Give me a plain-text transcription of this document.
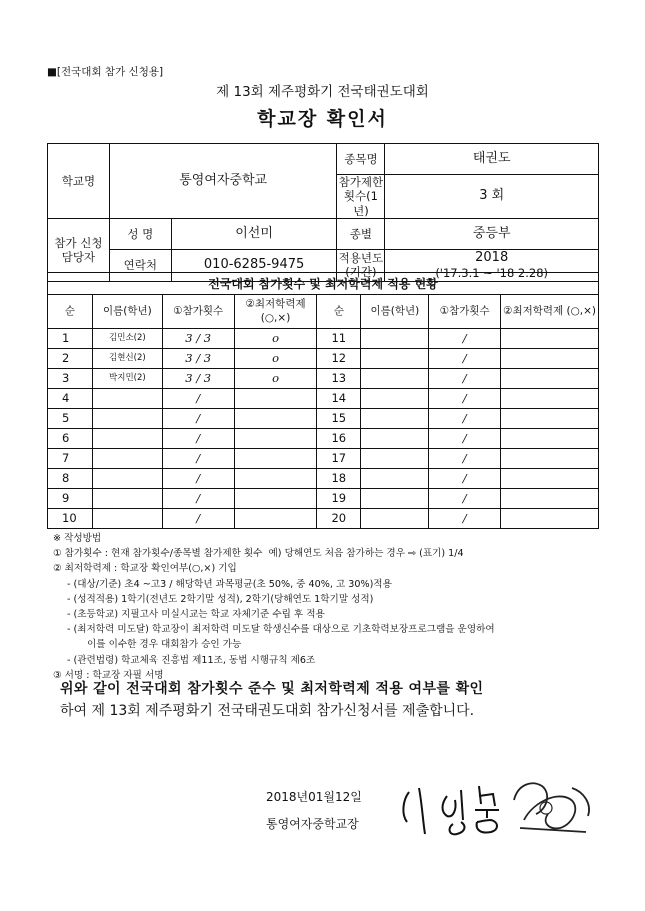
■[전국대회 참가 신청용]
제 13회 제주평화기 전국태권도대회
학교장 확인서
학교명	통영여자중학교		종목명	태권도
			참가제한 횟수(1년)	3 회
참가 신청 담당자	성 명	이선미	종별	중등부
	연락처	010-6285-9475	적용년도 (기간)	2018
('17.3.1 ~ '18 2.28)
전국대회 참가횟수 및 최저학력제 적용 현황
순	이름(학년)	①참가횟수	②최저학력제 (○,×)	순	이름(학년)	①참가횟수	②최저학력제 (○,×)
1	김민소(2)	3 / 3	o	11		/	
2	김현신(2)	3 / 3	o	12		/	
3	박지민(2)	3 / 3	o	13		/	
4		/		14		/	
5		/		15		/	
6		/		16		/	
7		/		17		/	
8		/		18		/	
9		/		19		/	
10		/		20		/	
※ 작성방법
① 참가횟수 : 현재 참가횟수/종목별 참가제한 횟수  예) 당해연도 처음 참가하는 경우 ⇨ (표기) 1/4
② 최저학력제 : 학교장 확인여부(○,×) 기입
- (대상/기준) 초4 ~고3 / 해당학년 과목평균(초 50%, 중 40%, 고 30%)적용
- (성적적용) 1학기(전년도 2학기말 성적), 2학기(당해연도 1학기말 성적)
- (초등학교) 지필고사 미실시교는 학교 자체기준 수립 후 적용
- (최저학력 미도달) 학교장이 최저학력 미도달 학생신수를 대상으로 기초학력보장프로그램을 운영하여
이를 이수한 경우 대회참가 승인 가능
- (관련법령) 학교체육 진흥법 제11조, 동법 시행규칙 제6조
③ 서명 : 학교장 자필 서명
위와 같이 전국대회 참가횟수 준수 및 최저학력제 적용 여부를 확인
하여 제 13회 제주평화기 전국태권도대회 참가신청서를 제출합니다.
2018년01월12일
통영여자중학교장
